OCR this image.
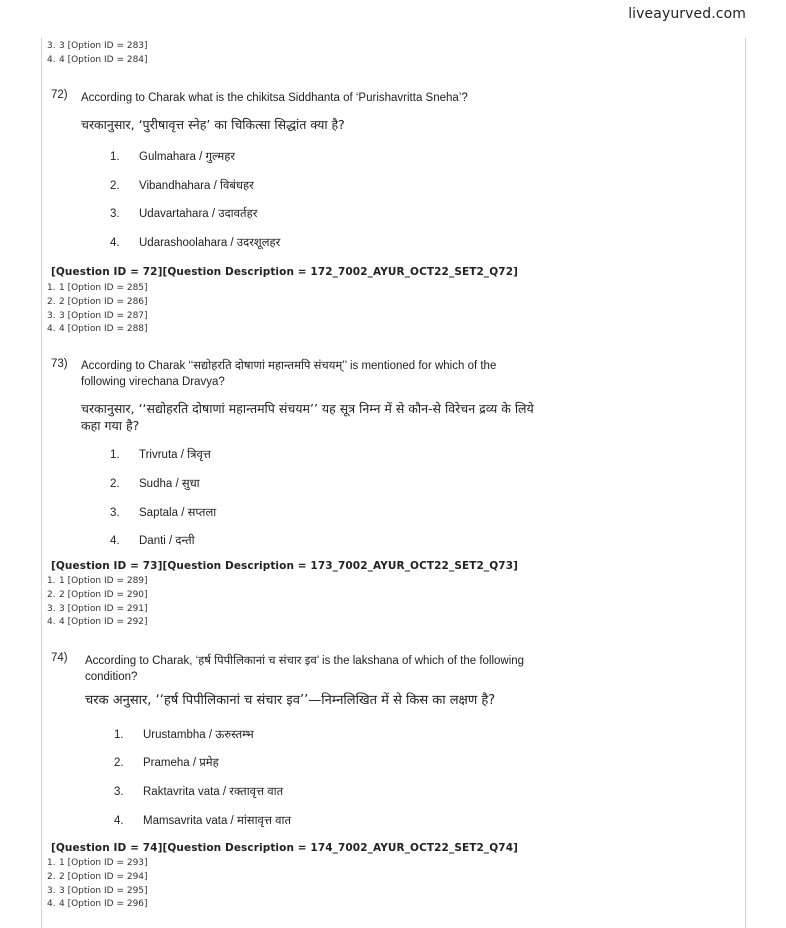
liveayurved.com
3. 3 [Option ID = 283]
4. 4 [Option ID = 284]
72) According to Charak what is the chikitsa Siddhanta of ‘Purishavritta Sneha’?
चरकानुसार, ‘पुरीषावृत्त स्नेह’ का चिकित्सा सिद्धांत क्या है?
1. Gulmahara / गुल्महर
2. Vibandhahara / विबंधहर
3. Udavartahara / उदावर्तहर
4. Udarashoolahara / उदरशूलहर
[Question ID = 72][Question Description = 172_7002_AYUR_OCT22_SET2_Q72]
1. 1 [Option ID = 285]
2. 2 [Option ID = 286]
3. 3 [Option ID = 287]
4. 4 [Option ID = 288]
73) According to Charak ‘‘सद्योहरति दोषाणां महान्तमपि संचयम्’’ is mentioned for which of the following virechana Dravya?
चरकानुसार, ‘‘सद्योहरति दोषाणां महान्तमपि संचयम’’ यह सूत्र निम्न में से कौन-से विरेचन द्रव्य के लिये कहा गया है?
1. Trivruta / त्रिवृत्त
2. Sudha / सुधा
3. Saptala / सप्तला
4. Danti / दन्ती
[Question ID = 73][Question Description = 173_7002_AYUR_OCT22_SET2_Q73]
1. 1 [Option ID = 289]
2. 2 [Option ID = 290]
3. 3 [Option ID = 291]
4. 4 [Option ID = 292]
74) According to Charak, ‘हर्ष पिपीलिकानां च संचार इव’ is the lakshana of which of the following condition?
चरक अनुसार, ‘‘हर्ष पिपीलिकानां च संचार इव’’—निम्नलिखित में से किस का लक्षण है?
1. Urustambha / ऊरुस्तम्भ
2. Prameha / प्रमेह
3. Raktavrita vata / रक्तावृत्त वात
4. Mamsavrita vata / मांसावृत्त वात
[Question ID = 74][Question Description = 174_7002_AYUR_OCT22_SET2_Q74]
1. 1 [Option ID = 293]
2. 2 [Option ID = 294]
3. 3 [Option ID = 295]
4. 4 [Option ID = 296]
